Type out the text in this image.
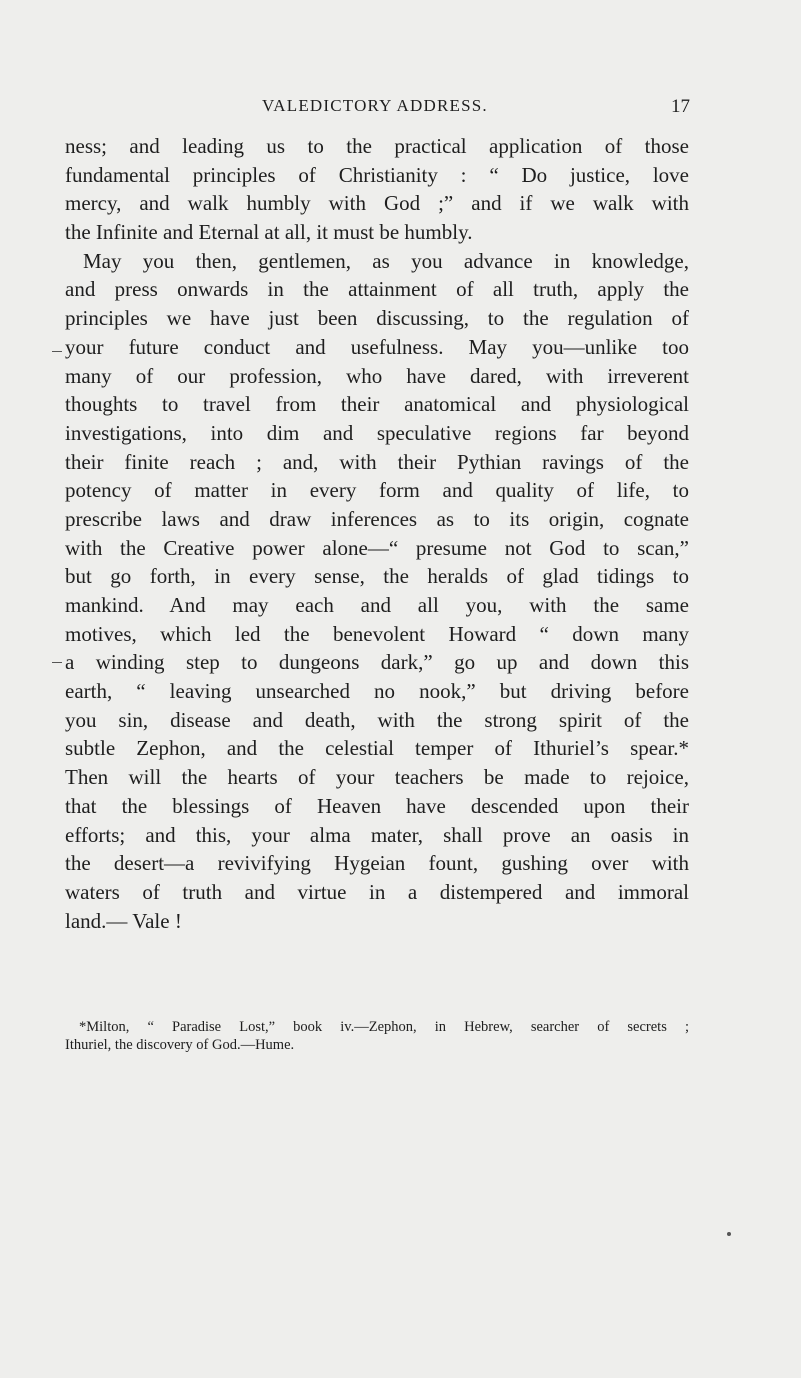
VALEDICTORY ADDRESS.	17
ness; and leading us to the practical application of those
fundamental principles of Christianity : “ Do justice, love
mercy, and walk humbly with God ;” and if we walk with
the Infinite and Eternal at all, it must be humbly.
May you then, gentlemen, as you advance in knowledge,
and press onwards in the attainment of all truth, apply the
principles we have just been discussing, to the regulation of
your future conduct and usefulness. May you—unlike too
many of our profession, who have dared, with irreverent
thoughts to travel from their anatomical and physiological
investigations, into dim and speculative regions far beyond
their finite reach ; and, with their Pythian ravings of the
potency of matter in every form and quality of life, to
prescribe laws and draw inferences as to its origin, cognate
with the Creative power alone—“ presume not God to scan,”
but go forth, in every sense, the heralds of glad tidings to
mankind. And may each and all you, with the same
motives, which led the benevolent Howard “ down many
a winding step to dungeons dark,” go up and down this
earth, “ leaving unsearched no nook,” but driving before
you sin, disease and death, with the strong spirit of the
subtle Zephon, and the celestial temper of Ithuriel’s spear.*
Then will the hearts of your teachers be made to rejoice,
that the blessings of Heaven have descended upon their
efforts; and this, your alma mater, shall prove an oasis in
the desert—a revivifying Hygeian fount, gushing over with
waters of truth and virtue in a distempered and immoral
land.— Vale !
*Milton, “ Paradise Lost,” book iv.—Zephon, in Hebrew, searcher of secrets ;
Ithuriel, the discovery of God.—Hume.
